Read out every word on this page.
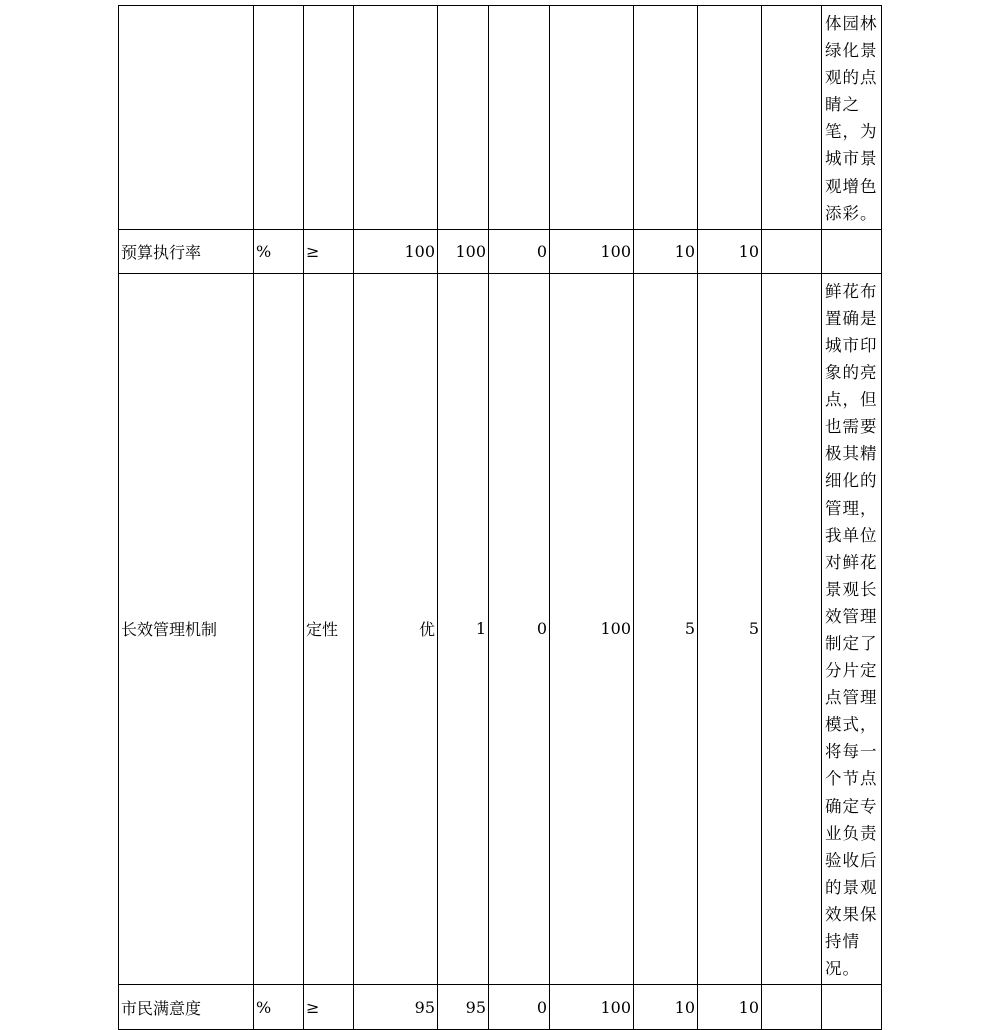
										体园林绿化景观的点睛之笔，为城市景观增色添彩。
预算执行率	%	≥	100	100	0	100	10	10		
长效管理机制		定性	优	1	0	100	5	5		鲜花布置确是城市印象的亮点，但也需要极其精细化的管理，我单位对鲜花景观长效管理制定了分片定点管理模式，将每一个节点确定专业负责验收后的景观效果保持情况。
市民满意度	%	≥	95	95	0	100	10	10		
